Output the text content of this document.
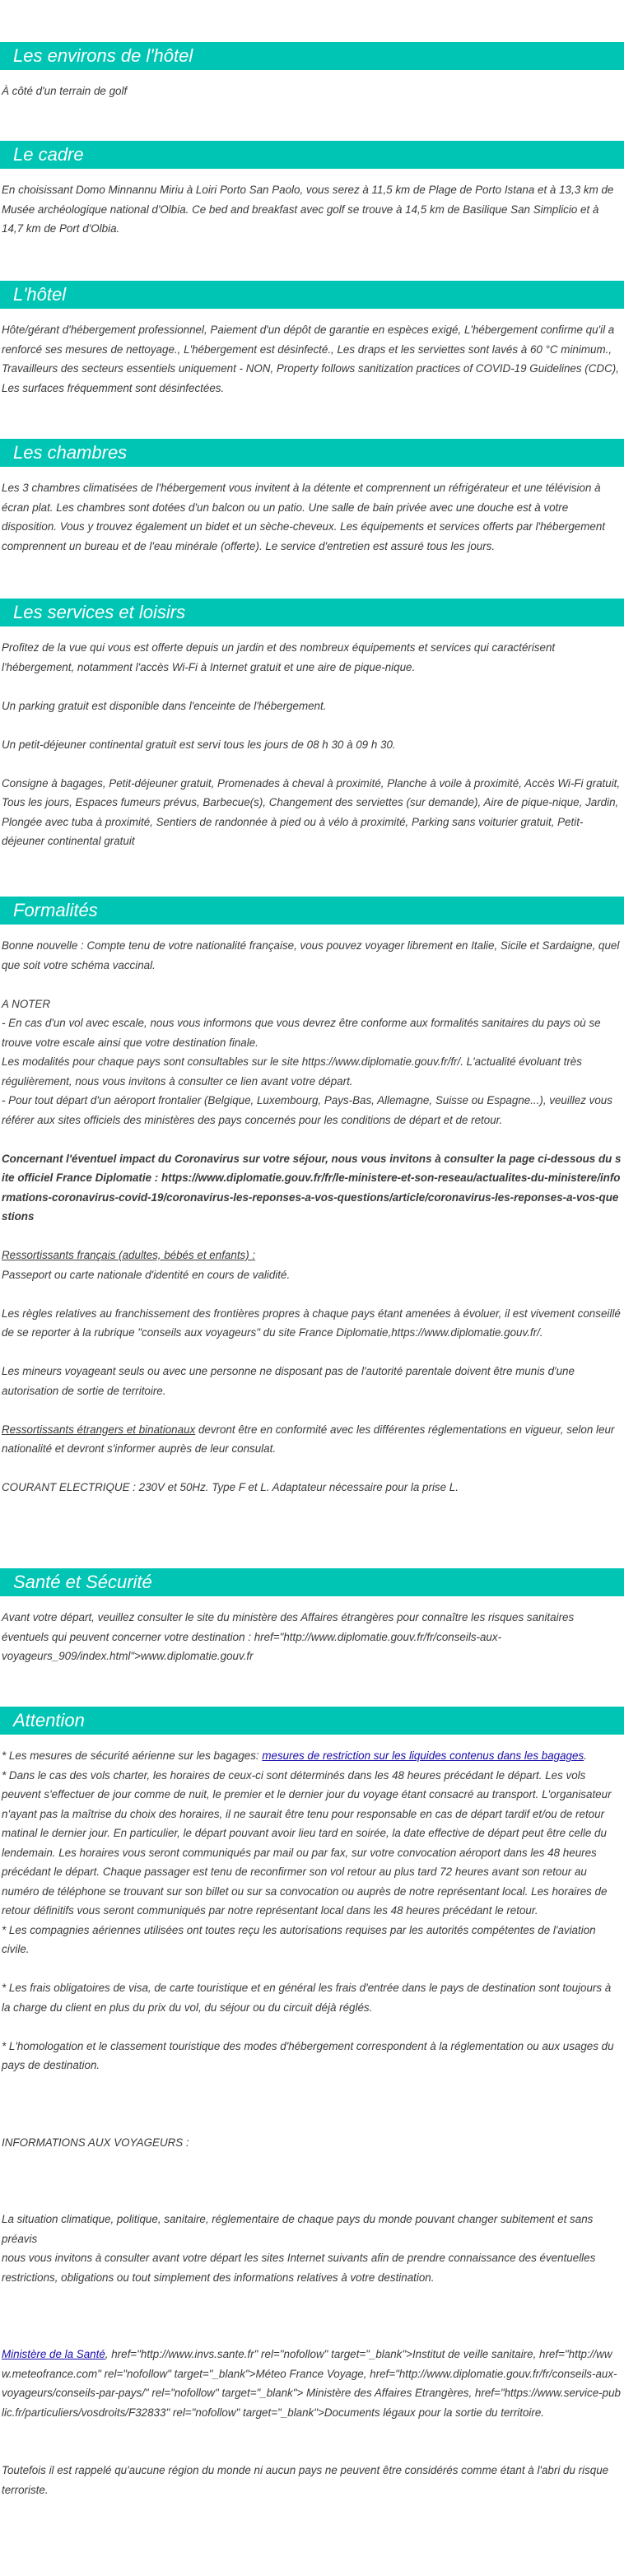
Les environs de l'hôtel

À côté d'un terrain de golf

Le cadre

En choisissant Domo Minnannu Miriu à Loiri Porto San Paolo, vous serez à 11,5 km de Plage de Porto Istana et à 13,3 km de Musée archéologique national d'Olbia. Ce bed and breakfast avec golf se trouve à 14,5 km de Basilique San Simplicio et à 14,7 km de Port d'Olbia.

L'hôtel

Hôte/gérant d'hébergement professionnel, Paiement d'un dépôt de garantie en espèces exigé, L'hébergement confirme qu'il a renforcé ses mesures de nettoyage., L'hébergement est désinfecté., Les draps et les serviettes sont lavés à 60 °C minimum., Travailleurs des secteurs essentiels uniquement - NON, Property follows sanitization practices of COVID-19 Guidelines (CDC), Les surfaces fréquemment sont désinfectées.

Les chambres

Les 3 chambres climatisées de l'hébergement vous invitent à la détente et comprennent un réfrigérateur et une télévision à écran plat. Les chambres sont dotées d'un balcon ou un patio. Une salle de bain privée avec une douche est à votre disposition. Vous y trouvez également un bidet et un sèche-cheveux. Les équipements et services offerts par l'hébergement comprennent un bureau et de l'eau minérale (offerte). Le service d'entretien est assuré tous les jours.

Les services et loisirs

Profitez de la vue qui vous est offerte depuis un jardin et des nombreux équipements et services qui caractérisent l'hébergement, notamment l'accès Wi-Fi à Internet gratuit et une aire de pique-nique.

Un parking gratuit est disponible dans l'enceinte de l'hébergement.

Un petit-déjeuner continental gratuit est servi tous les jours de 08 h 30 à 09 h 30.

Consigne à bagages, Petit-déjeuner gratuit, Promenades à cheval à proximité, Planche à voile à proximité, Accès Wi-Fi gratuit, Tous les jours, Espaces fumeurs prévus, Barbecue(s), Changement des serviettes (sur demande), Aire de pique-nique, Jardin, Plongée avec tuba à proximité, Sentiers de randonnée à pied ou à vélo à proximité, Parking sans voiturier gratuit, Petit-déjeuner continental gratuit

Formalités

Bonne nouvelle : Compte tenu de votre nationalité française, vous pouvez voyager librement en Italie, Sicile et Sardaigne, quel que soit votre schéma vaccinal.

A NOTER

- En cas d'un vol avec escale, nous vous informons que vous devrez être conforme aux formalités sanitaires du pays où se trouve votre escale ainsi que votre destination finale.

Les modalités pour chaque pays sont consultables sur le site https://www.diplomatie.gouv.fr/fr/. L'actualité évoluant très régulièrement, nous vous invitons à consulter ce lien avant votre départ.

- Pour tout départ d'un aéroport frontalier (Belgique, Luxembourg, Pays-Bas, Allemagne, Suisse ou Espagne...), veuillez vous référer aux sites officiels des ministères des pays concernés pour les conditions de départ et de retour.

Concernant l'éventuel impact du Coronavirus sur votre séjour, nous vous invitons à consulter la page ci-dessous du site officiel France Diplomatie : https://www.diplomatie.gouv.fr/fr/le-ministere-et-son-reseau/actualites-du-ministere/informations-coronavirus-covid-19/coronavirus-les-reponses-a-vos-questions/article/coronavirus-les-reponses-a-vos-questions

Ressortissants français (adultes, bébés et enfants) :

Passeport ou carte nationale d'identité en cours de validité.

Les règles relatives au franchissement des frontières propres à chaque pays étant amenées à évoluer, il est vivement conseillé de se reporter à la rubrique "conseils aux voyageurs" du site France Diplomatie,https://www.diplomatie.gouv.fr/.

Les mineurs voyageant seuls ou avec une personne ne disposant pas de l'autorité parentale doivent être munis d'une autorisation de sortie de territoire.

Ressortissants étrangers et binationaux devront être en conformité avec les différentes réglementations en vigueur, selon leur nationalité et devront s'informer auprès de leur consulat.

COURANT ELECTRIQUE : 230V et 50Hz. Type F et L. Adaptateur nécessaire pour la prise L.

Santé et Sécurité

Avant votre départ, veuillez consulter le site du ministère des Affaires étrangères pour connaître les risques sanitaires éventuels qui peuvent concerner votre destination : href="http://www.diplomatie.gouv.fr/fr/conseils-aux-voyageurs_909/index.html">www.diplomatie.gouv.fr

Attention

* Les mesures de sécurité aérienne sur les bagages: mesures de restriction sur les liquides contenus dans les bagages.

* Dans le cas des vols charter, les horaires de ceux-ci sont déterminés dans les 48 heures précédant le départ. Les vols peuvent s'effectuer de jour comme de nuit, le premier et le dernier jour du voyage étant consacré au transport. L'organisateur n'ayant pas la maîtrise du choix des horaires, il ne saurait être tenu pour responsable en cas de départ tardif et/ou de retour matinal le dernier jour. En particulier, le départ pouvant avoir lieu tard en soirée, la date effective de départ peut être celle du lendemain. Les horaires vous seront communiqués par mail ou par fax, sur votre convocation aéroport dans les 48 heures précédant le départ. Chaque passager est tenu de reconfirmer son vol retour au plus tard 72 heures avant son retour au numéro de téléphone se trouvant sur son billet ou sur sa convocation ou auprès de notre représentant local. Les horaires de retour définitifs vous seront communiqués par notre représentant local dans les 48 heures précédant le retour.

* Les compagnies aériennes utilisées ont toutes reçu les autorisations requises par les autorités compétentes de l'aviation civile.

* Les frais obligatoires de visa, de carte touristique et en général les frais d'entrée dans le pays de destination sont toujours à la charge du client en plus du prix du vol, du séjour ou du circuit déjà réglés.

* L'homologation et le classement touristique des modes d'hébergement correspondent à la réglementation ou aux usages du pays de destination.

INFORMATIONS AUX VOYAGEURS :

La situation climatique, politique, sanitaire, réglementaire de chaque pays du monde pouvant changer subitement et sans préavis

nous vous invitons à consulter avant votre départ les sites Internet suivants afin de prendre connaissance des éventuelles restrictions, obligations ou tout simplement des informations relatives à votre destination.

Ministère de la Santé, href="http://www.invs.sante.fr" rel="nofollow" target="_blank">Institut de veille sanitaire, href="http://www.meteofrance.com" rel="nofollow" target="_blank">Méteo France Voyage, href="http://www.diplomatie.gouv.fr/fr/conseils-aux-voyageurs/conseils-par-pays/" rel="nofollow" target="_blank"> Ministère des Affaires Etrangères, href="https://www.service-public.fr/particuliers/vosdroits/F32833" rel="nofollow" target="_blank">Documents légaux pour la sortie du territoire.

Toutefois il est rappelé qu'aucune région du monde ni aucun pays ne peuvent être considérés comme étant à l'abri du risque terroriste.
